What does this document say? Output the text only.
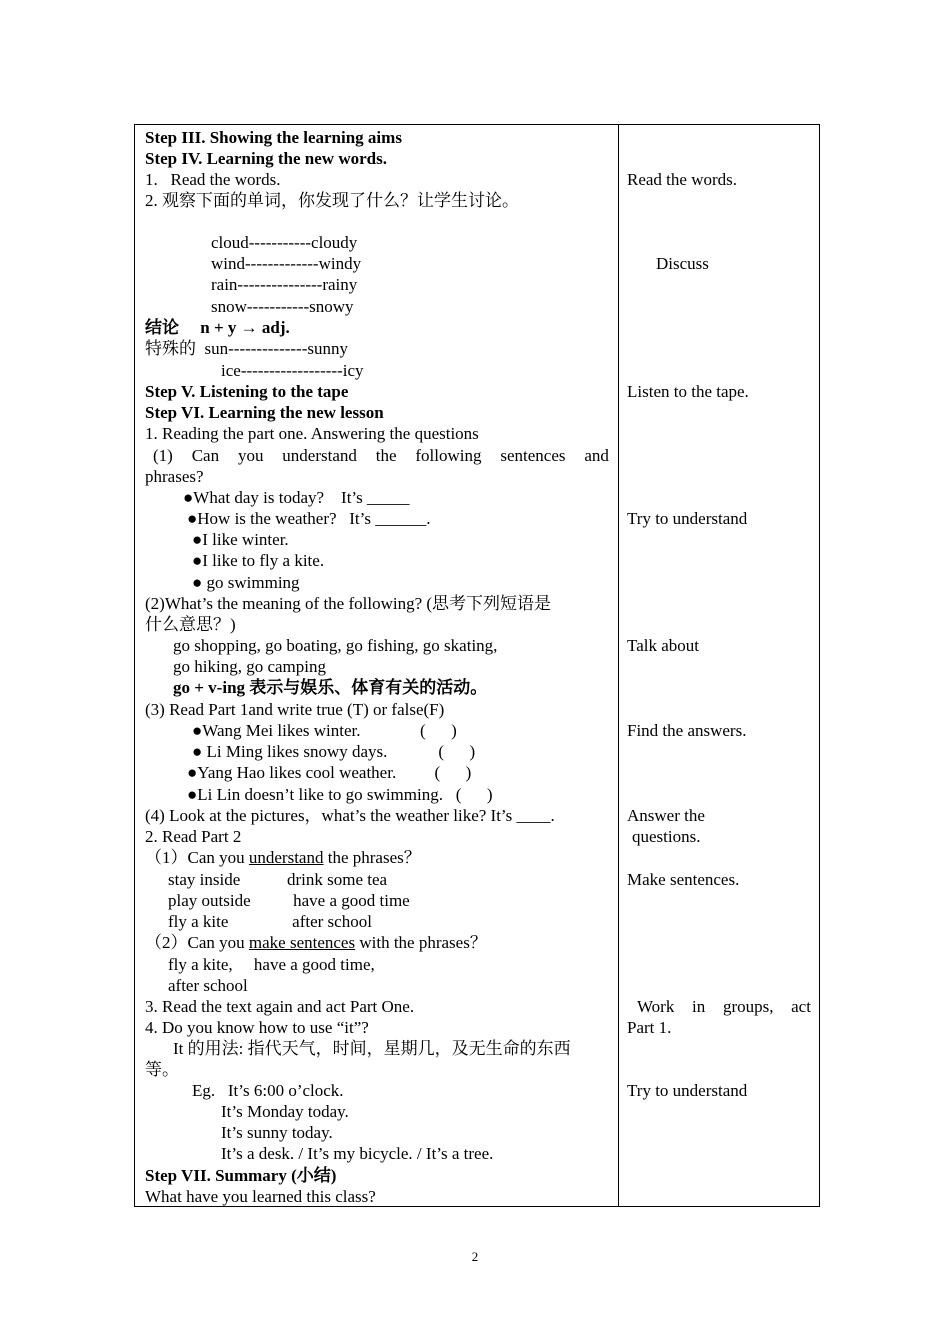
Step III. Showing the learning aims
Step IV. Learning the new words.
1.   Read the words.
2. 观察下面的单词，你发现了什么？让学生讨论。
cloud-----------cloudy
wind-------------windy
rain---------------rainy
snow-----------snowy
结论     n + y → adj.
特殊的  sun--------------sunny
ice------------------icy
Step V. Listening to the tape
Step VI. Learning the new lesson
1. Reading the part one. Answering the questions
phrases?
●What day is today?    It’s _____
●How is the weather?   It’s ______.
●I like winter.
●I like to fly a kite.
● go swimming
(2)What’s the meaning of the following? (思考下列短语是
什么意思？)
go shopping, go boating, go fishing, go skating,
go hiking, go camping
go + v-ing 表示与娱乐、体育有关的活动。
(3) Read Part 1and write true (T) or false(F)
●Wang Mei likes winter.              (      )
● Li Ming likes snowy days.            (      )
●Yang Hao likes cool weather.         (      )
●Li Lin doesn’t like to go swimming.   (      )
(4) Look at the pictures，what’s the weather like? It’s ____.
2. Read Part 2
stay inside           drink some tea
play outside          have a good time
fly a kite               after school
fly a kite,     have a good time,
after school
3. Read the text again and act Part One.
4. Do you know how to use “it”?
It 的用法: 指代天气，时间，星期几，及无生命的东西
等。
Eg.   It’s 6:00 o’clock.
It’s Monday today.
It’s sunny today.
It’s a desk. / It’s my bicycle. / It’s a tree.
Step VII. Summary (小结)
What have you learned this class?
(1) Can you understand the following sentences and
（1）Can you understand the phrases？
（2）Can you make sentences with the phrases？
Read the words.
Discuss
Listen to the tape.
Try to understand
Talk about
Find the answers.
Answer the
questions.
Make sentences.
Part 1.
Try to understand
Work in groups, act
2
